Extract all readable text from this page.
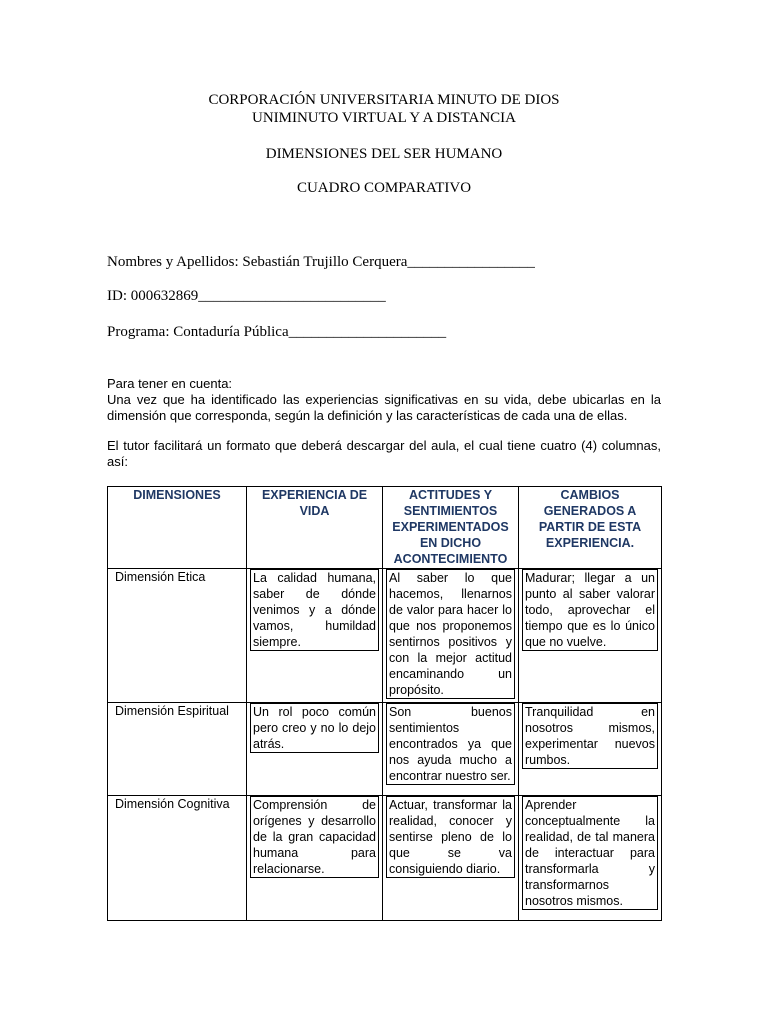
CORPORACIÓN UNIVERSITARIA MINUTO DE DIOS
UNIMINUTO VIRTUAL Y A DISTANCIA
DIMENSIONES DEL SER HUMANO
CUADRO COMPARATIVO
Nombres y Apellidos: Sebastián Trujillo Cerquera_________________
ID: 000632869_________________________
Programa: Contaduría Pública_____________________
Para tener en cuenta:
Una vez que ha identificado las experiencias significativas en su vida, debe ubicarlas en la
dimensión que corresponda, según la definición y las características de cada una de ellas.
El tutor facilitará un formato que deberá descargar del aula, el cual tiene cuatro (4) columnas,
así:
DIMENSIONES	EXPERIENCIA DE VIDA	ACTITUDES Y SENTIMIENTOS EXPERIMENTADOS EN DICHO ACONTECIMIENTO	CAMBIOS GENERADOS A PARTIR DE ESTA EXPERIENCIA.
Dimensión Etica	La calidad humana, saber de dónde venimos y a dónde vamos, humildad siempre.	Al saber lo que hacemos, llenarnos de valor para hacer lo que nos proponemos sentirnos positivos y con la mejor actitud encaminando un propósito.	Madurar; llegar a un punto al saber valorar todo, aprovechar el tiempo que es lo único que no vuelve.

Dimensión Espiritual	Un rol poco común pero creo y no lo dejo atrás.	Son buenos sentimientos encontrados ya que nos ayuda mucho a encontrar nuestro ser.	Tranquilidad en nosotros mismos, experimentar nuevos rumbos.

Dimensión Cognitiva	Comprensión de orígenes y desarrollo de la gran capacidad humana para relacionarse.	Actuar, transformar la realidad, conocer y sentirse pleno de lo que se va consiguiendo diario.	Aprender conceptualmente la realidad, de tal manera de interactuar para transformarla y transformarnos nosotros mismos.
